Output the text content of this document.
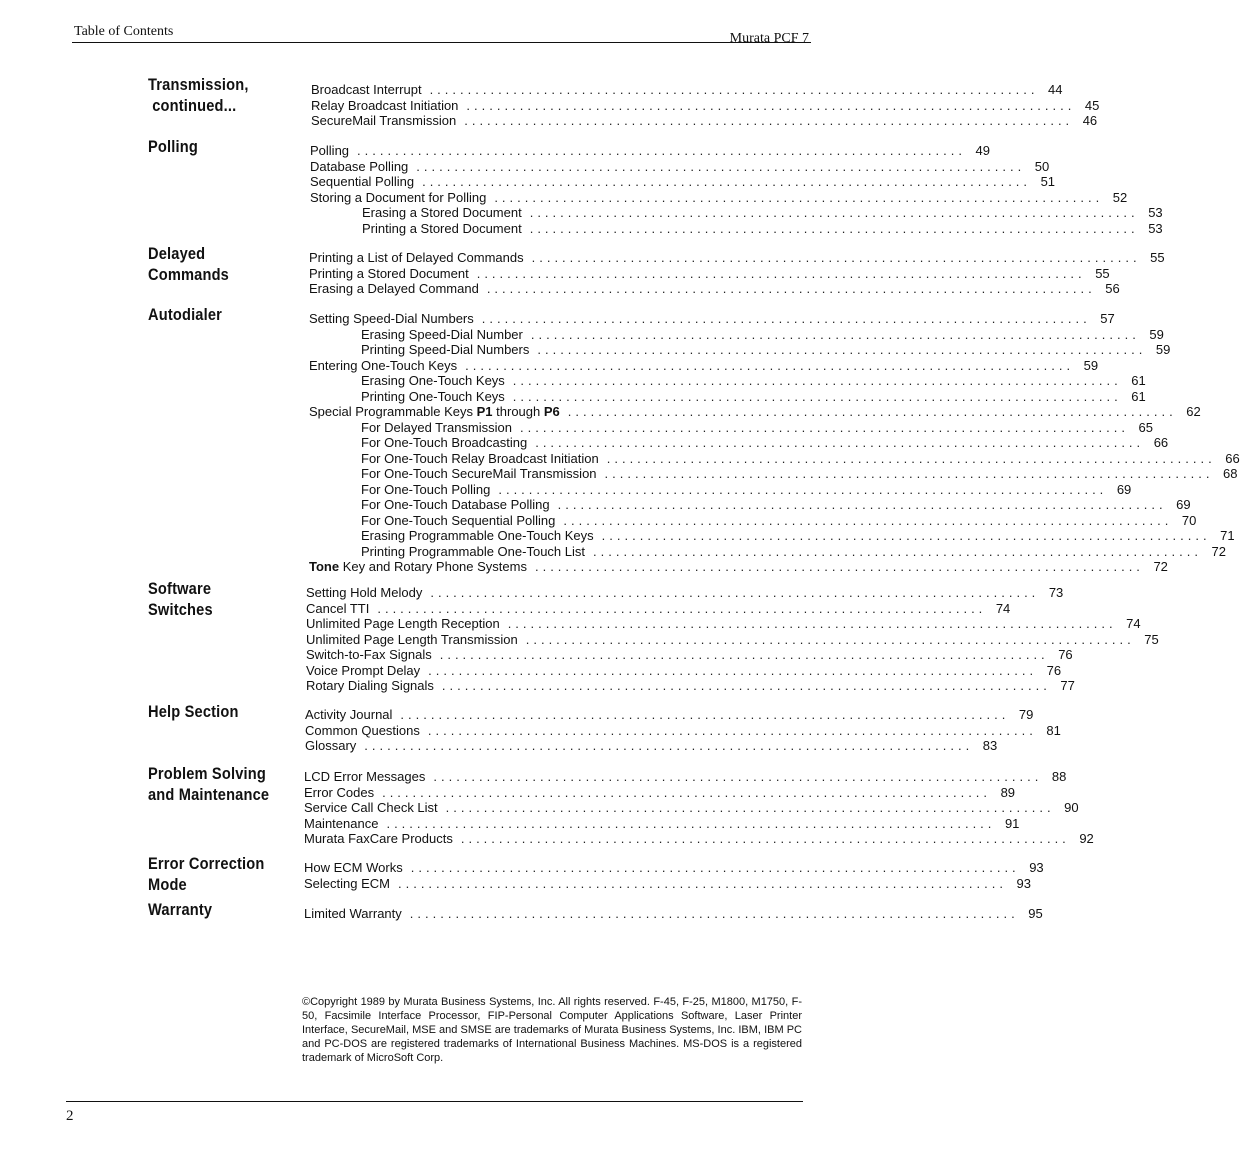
Table of Contents	Murata PCF 7
Transmission,
continued...
Broadcast Interrupt ................................................................................ 44
Relay Broadcast Initiation ................................................................................ 45
SecureMail Transmission ................................................................................ 46
Polling	Polling ................................................................................ 49
Database Polling ................................................................................ 50
Sequential Polling ................................................................................ 51
Storing a Document for Polling ................................................................................ 52
Erasing a Stored Document ................................................................................ 53
Printing a Stored Document ................................................................................ 53
Delayed
Commands
Printing a List of Delayed Commands ................................................................................ 55
Printing a Stored Document ................................................................................ 55
Erasing a Delayed Command ................................................................................ 56
Autodialer	Setting Speed-Dial Numbers ................................................................................ 57
Erasing Speed-Dial Number ................................................................................ 59
Printing Speed-Dial Numbers ................................................................................ 59
Entering One-Touch Keys ................................................................................ 59
Erasing One-Touch Keys ................................................................................ 61
Printing One-Touch Keys ................................................................................ 61
Special Programmable Keys P1 through P6 ................................................................................ 62
For Delayed Transmission ................................................................................ 65
For One-Touch Broadcasting ................................................................................ 66
For One-Touch Relay Broadcast Initiation ................................................................................ 66
For One-Touch SecureMail Transmission ................................................................................ 68
For One-Touch Polling ................................................................................ 69
For One-Touch Database Polling ................................................................................ 69
For One-Touch Sequential Polling ................................................................................ 70
Erasing Programmable One-Touch Keys ................................................................................ 71
Printing Programmable One-Touch List ................................................................................ 72
Tone Key and Rotary Phone Systems ................................................................................ 72
Software
Switches
Setting Hold Melody ................................................................................ 73
Cancel TTI ................................................................................ 74
Unlimited Page Length Reception ................................................................................ 74
Unlimited Page Length Transmission ................................................................................ 75
Switch-to-Fax Signals ................................................................................ 76
Voice Prompt Delay ................................................................................ 76
Rotary Dialing Signals ................................................................................ 77
Help Section	Activity Journal ................................................................................ 79
Common Questions ................................................................................ 81
Glossary ................................................................................ 83
Problem Solving
and Maintenance
LCD Error Messages ................................................................................ 88
Error Codes ................................................................................ 89
Service Call Check List ................................................................................ 90
Maintenance ................................................................................ 91
Murata FaxCare Products ................................................................................ 92
Error Correction
Mode
How ECM Works ................................................................................ 93
Selecting ECM ................................................................................ 93
Warranty	Limited Warranty ................................................................................ 95
©Copyright 1989 by Murata Business Systems, Inc. All rights reserved. F-45, F-25, M1800, M1750, F-50, Facsimile Interface Processor, FIP-Personal Computer Applications Software, Laser Printer Interface, SecureMail, MSE and SMSE are trademarks of Murata Business Systems, Inc. IBM, IBM PC and PC-DOS are registered trademarks of International Business Machines. MS-DOS is a registered trademark of MicroSoft Corp.
2
